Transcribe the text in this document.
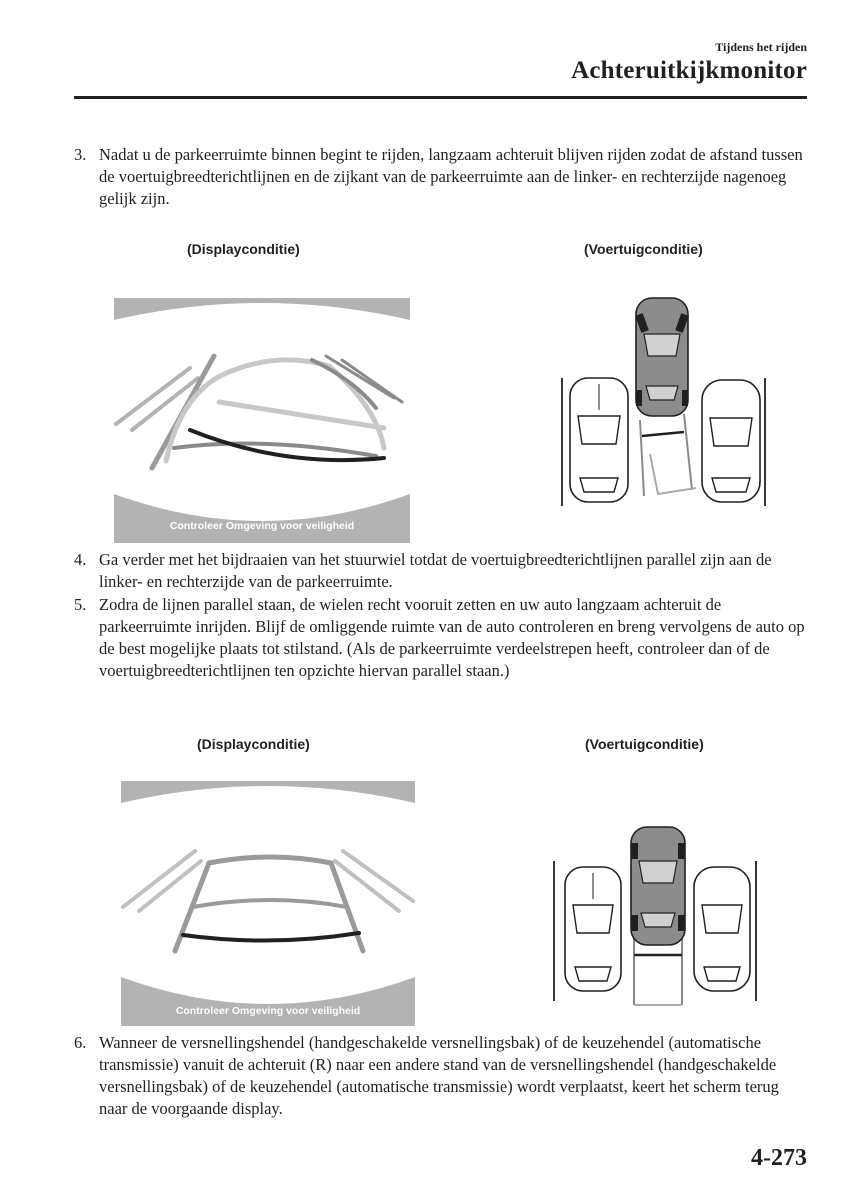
Tijdens het rijden
Achteruitkijkmonitor
3. Nadat u de parkeerruimte binnen begint te rijden, langzaam achteruit blijven rijden zodat de afstand tussen de voertuigbreedterichtlijnen en de zijkant van de parkeerruimte aan de linker- en rechterzijde nagenoeg gelijk zijn.
(Displayconditie)	(Voertuigconditie)
Controleer Omgeving voor veiligheid
4. Ga verder met het bijdraaien van het stuurwiel totdat de voertuigbreedterichtlijnen parallel zijn aan de linker- en rechterzijde van de parkeerruimte.
5. Zodra de lijnen parallel staan, de wielen recht vooruit zetten en uw auto langzaam achteruit de parkeerruimte inrijden. Blijf de omliggende ruimte van de auto controleren en breng vervolgens de auto op de best mogelijke plaats tot stilstand. (Als de parkeerruimte verdeelstrepen heeft, controleer dan of de voertuigbreedterichtlijnen ten opzichte hiervan parallel staan.)
(Displayconditie)	(Voertuigconditie)
Controleer Omgeving voor veiligheid
6. Wanneer de versnellingshendel (handgeschakelde versnellingsbak) of de keuzehendel (automatische transmissie) vanuit de achteruit (R) naar een andere stand van de versnellingshendel (handgeschakelde versnellingsbak) of de keuzehendel (automatische transmissie) wordt verplaatst, keert het scherm terug naar de voorgaande display.
4-273
